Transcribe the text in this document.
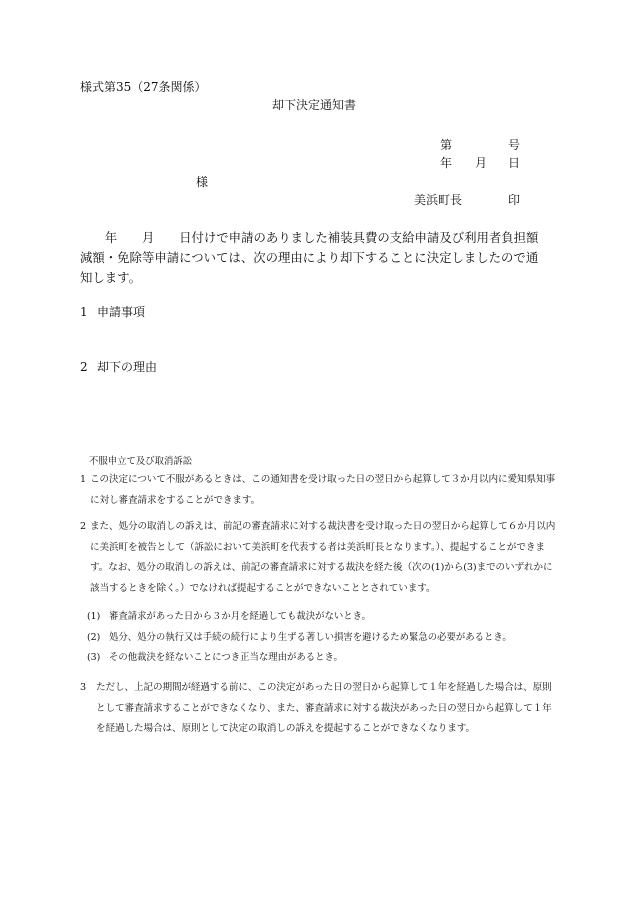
様式第35（27条関係）
却下決定通知書
第	号
年 月 日
様
美浜町長	印
　年　　月　　日付けで申請のありました補装具費の支給申請及び利用者負担額減額・免除等申請については、次の理由により却下することに決定しましたので通知します。
1 申請事項
2 却下の理由
不服申立て及び取消訴訟
1 この決定について不服があるときは、この通知書を受け取った日の翌日から起算して３か月以内に愛知県知事に対し審査請求をすることができます。
2 また、処分の取消しの訴えは、前記の審査請求に対する裁決書を受け取った日の翌日から起算して６か月以内に美浜町を被告として（訴訟において美浜町を代表する者は美浜町長となります。）、提起することができます。なお、処分の取消しの訴えは、前記の審査請求に対する裁決を経た後（次の(1)から(3)までのいずれかに該当するときを除く。）でなければ提起することができないこととされています。
(1) 審査請求があった日から３か月を経過しても裁決がないとき。
(2) 処分、処分の執行又は手続の続行により生ずる著しい損害を避けるため緊急の必要があるとき。
(3) その他裁決を経ないことにつき正当な理由があるとき。
3 ただし、上記の期間が経過する前に、この決定があった日の翌日から起算して１年を経過した場合は、原則として審査請求することができなくなり、また、審査請求に対する裁決があった日の翌日から起算して１年を経過した場合は、原則として決定の取消しの訴えを提起することができなくなります。
